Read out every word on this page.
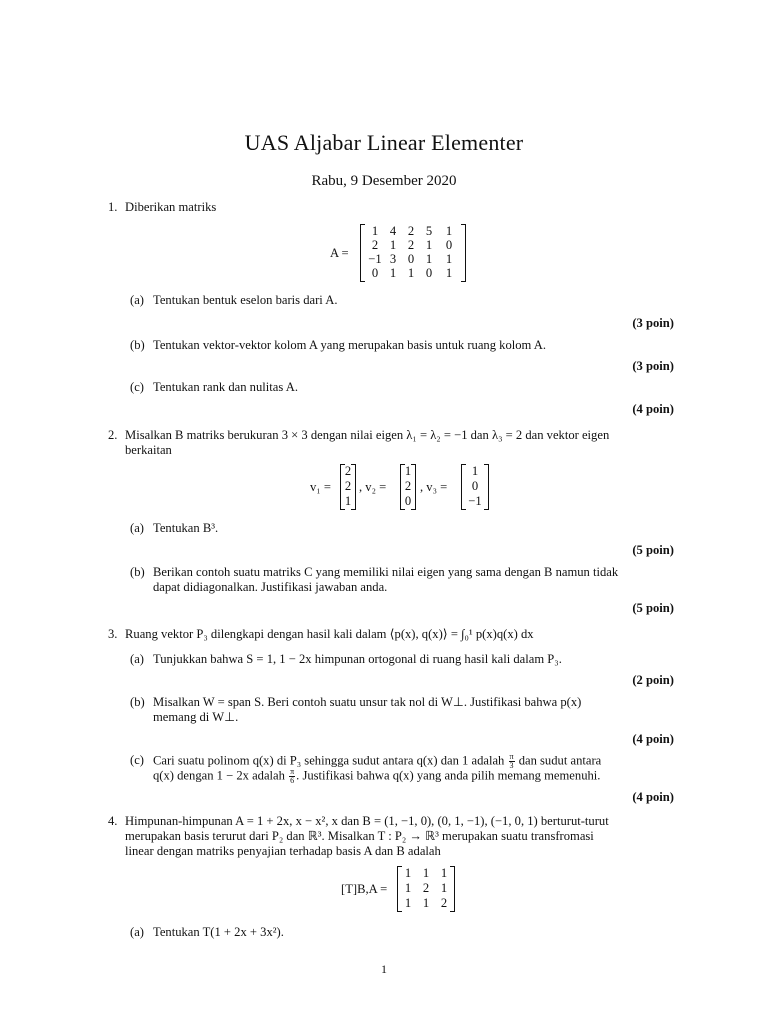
UAS Aljabar Linear Elementer
Rabu, 9 Desember 2020
1. Diberikan matriks
A =
1 4 2 5	1
2 1 2 1	0
−1 3 0 1	1
0 1 1 0	1
(a) Tentukan bentuk eselon baris dari A.
(3 poin)
(b) Tentukan vektor-vektor kolom A yang merupakan basis untuk ruang kolom A.
(3 poin)
(c) Tentukan rank dan nulitas A.
(4 poin)
2. Misalkan B matriks berukuran 3 × 3 dengan nilai eigen λ₁ = λ₂ = −1 dan λ₃ = 2 dan vektor eigen
berkaitan
v₁ =
2
2
1
, v₂ =
1
2
0
, v₃ =
1
0
−1
(a) Tentukan B³.
(5 poin)
(b) Berikan contoh suatu matriks C yang memiliki nilai eigen yang sama dengan B namun tidak
dapat didiagonalkan. Justifikasi jawaban anda.
(5 poin)
3. Ruang vektor P₃ dilengkapi dengan hasil kali dalam ⟨p(x), q(x)⟩ = ∫₀¹ p(x)q(x) dx
(a) Tunjukkan bahwa S = 1, 1 − 2x himpunan ortogonal di ruang hasil kali dalam P₃.
(2 poin)
(b) Misalkan W = span S. Beri contoh suatu unsur tak nol di W⊥. Justifikasi bahwa p(x)
memang di W⊥.
(4 poin)
(c) Cari suatu polinom q(x) di P₃ sehingga sudut antara q(x) dan 1 adalah $\frac{\pi}{3}$ dan sudut antara
q(x) dengan 1 − 2x adalah $\frac{\pi}{6}$ . Justifikasi bahwa q(x) yang anda pilih memang memenuhi.
(4 poin)
4. Himpunan-himpunan A = 1 + 2x, x − x², x dan B = (1, −1, 0), (0, 1, −1), (−1, 0, 1) berturut-turut
merupakan basis terurut dari P₂ dan ℝ³. Misalkan T : P₂ → ℝ³ merupakan suatu transfromasi
linear dengan matriks penyajian terhadap basis A dan B adalah
[T]B,A =
1 1 1
1 2 1
1 1 2
(a) Tentukan T(1 + 2x + 3x²).
1
